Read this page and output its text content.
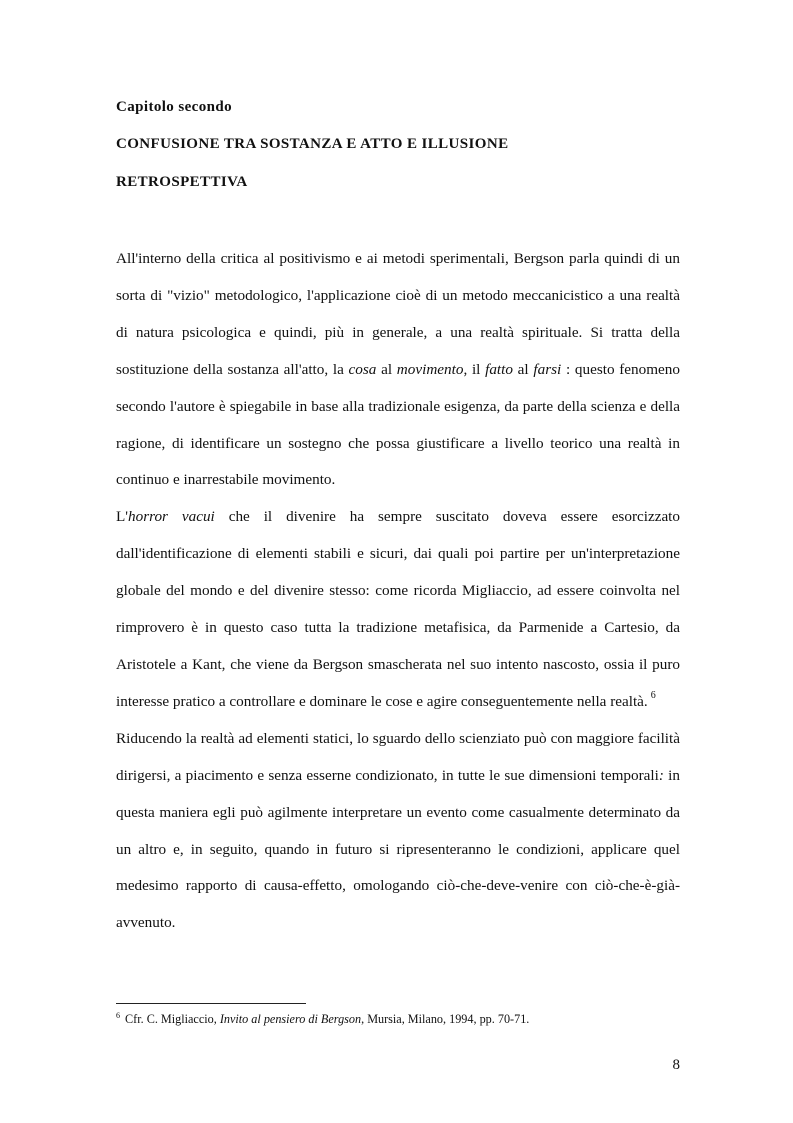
Capitolo secondo
CONFUSIONE TRA SOSTANZA E ATTO E ILLUSIONE
RETROSPETTIVA

All'interno della critica al positivismo e ai metodi sperimentali, Bergson parla quindi di un sorta di "vizio" metodologico, l'applicazione cioè di un metodo meccanicistico a una realtà di natura psicologica e quindi, più in generale, a una realtà spirituale. Si tratta della sostituzione della sostanza all'atto, la cosa al movimento, il fatto al farsi : questo fenomeno secondo l'autore è spiegabile in base alla tradizionale esigenza, da parte della scienza e della ragione, di identificare un sostegno che possa giustificare a livello teorico una realtà in continuo e inarrestabile movimento.

L'horror vacui che il divenire ha sempre suscitato doveva essere esorcizzato dall'identificazione di elementi stabili e sicuri, dai quali poi partire per un'interpretazione globale del mondo e del divenire stesso: come ricorda Migliaccio, ad essere coinvolta nel rimprovero è in questo caso tutta la tradizione metafisica, da Parmenide a Cartesio, da Aristotele a Kant, che viene da Bergson smascherata nel suo intento nascosto, ossia il puro interesse pratico a controllare e dominare le cose e agire conseguentemente nella realtà. $^6$

Riducendo la realtà ad elementi statici, lo sguardo dello scienziato può con maggiore facilità dirigersi, a piacimento e senza esserne condizionato, in tutte le sue dimensioni temporali: in questa maniera egli può agilmente interpretare un evento come casualmente determinato da un altro e, in seguito, quando in futuro si ripresenteranno le condizioni, applicare quel medesimo rapporto di causa-effetto, omologando ciò-che-deve-venire con ciò-che-è-già-avvenuto.

$^6$ Cfr. C. Migliaccio, Invito al pensiero di Bergson, Mursia, Milano, 1994, pp. 70-71.
8
